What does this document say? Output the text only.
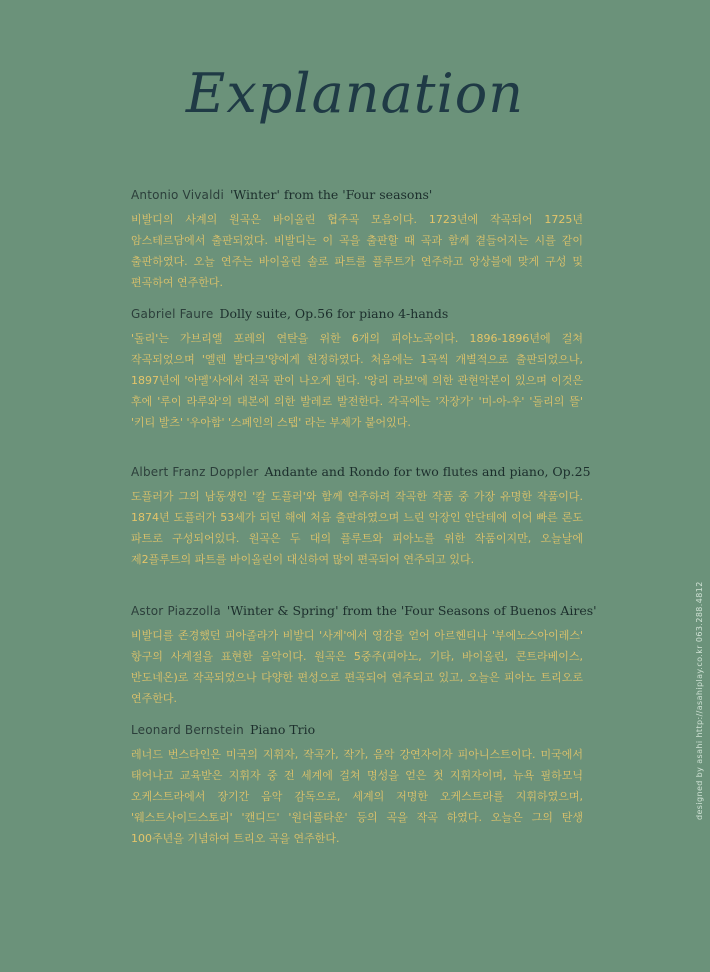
Explanation
Antonio Vivaldi 'Winter' from the 'Four seasons'
비발디의 사계의 원곡은 바이올린 협주곡 모음이다. 1723년에 작곡되어 1725년 암스테르담에서 출판되었다. 비발디는 이 곡을 출판할 때 곡과 함께 곁들어지는 시를 같이 출판하였다. 오늘 연주는 바이올린 솔로 파트를 플루트가 연주하고 앙상블에 맞게 구성 및 편곡하여 연주한다.
Gabriel Faure Dolly suite, Op.56 for piano 4-hands
'돌리'는 가브리엘 포레의 연탄을 위한 6개의 피아노곡이다. 1896-1896년에 걸쳐 작곡되었으며 '엘렌 발다크'양에게 헌정하였다. 처음에는 1곡씩 개별적으로 출판되었으나, 1897년에 '아멜'사에서 전곡 판이 나오게 된다. '앙리 라보'에 의한 관현악본이 있으며 이것은 후에 '루이 라루와'의 대본에 의한 발레로 발전한다. 각곡에는 '자장가' '미-아-우' '돌리의 뜰' '키티 발츠' '우아함' '스페인의 스텝' 라는 부제가 붙어있다.
Albert Franz Doppler Andante and Rondo for two flutes and piano, Op.25
도플러가 그의 남동생인 '칼 도플러'와 함께 연주하려 작곡한 작품 중 가장 유명한 작품이다. 1874년 도플러가 53세가 되던 해에 처음 출판하였으며 느린 악장인 안단테에 이어 빠른 론도 파트로 구성되어있다. 원곡은 두 대의 플루트와 피아노를 위한 작품이지만, 오늘날에 제2플루트의 파트를 바이올린이 대신하여 많이 편곡되어 연주되고 있다.
Astor Piazzolla 'Winter & Spring' from the 'Four Seasons of Buenos Aires'
비발디를 존경했던 피아졸라가 비발디 '사계'에서 영감을 얻어 아르헨티나 '부에노스아이레스' 항구의 사계절을 표현한 음악이다. 원곡은 5중주(피아노, 기타, 바이올린, 콘트라베이스, 반도네온)로 작곡되었으나 다양한 편성으로 편곡되어 연주되고 있고, 오늘은 피아노 트리오로 연주한다.
Leonard Bernstein Piano Trio
레너드 번스타인은 미국의 지휘자, 작곡가, 작가, 음악 강연자이자 피아니스트이다. 미국에서 태어나고 교육받은 지휘자 중 전 세계에 걸쳐 명성을 얻은 첫 지휘자이며, 뉴욕 필하모닉 오케스트라에서 장기간 음악 감독으로, 세계의 저명한 오케스트라를 지휘하였으며, '웨스트사이드스토리' '캔디드' '원더풀타운' 등의 곡을 작곡 하였다. 오늘은 그의 탄생 100주년을 기념하여 트리오 곡을 연주한다.
designed by asahi http://asahiplay.co.kr 063.288.4812
